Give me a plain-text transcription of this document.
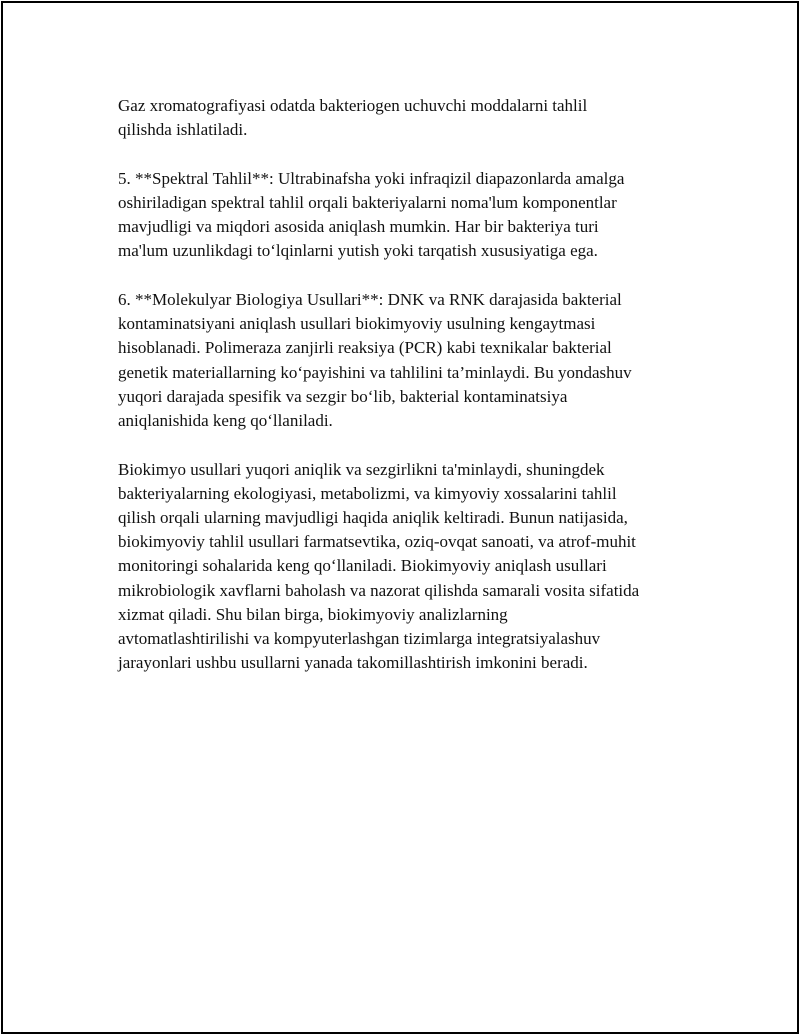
Gaz xromatografiyasi odatda bakteriogen uchuvchi moddalarni tahlil
qilishda ishlatiladi.

5. **Spektral Tahlil**: Ultrabinafsha yoki infraqizil diapazonlarda amalga
oshiriladigan spektral tahlil orqali bakteriyalarni noma'lum komponentlar
mavjudligi va miqdori asosida aniqlash mumkin. Har bir bakteriya turi
ma'lum uzunlikdagi to‘lqinlarni yutish yoki tarqatish xususiyatiga ega.

6. **Molekulyar Biologiya Usullari**: DNK va RNK darajasida bakterial
kontaminatsiyani aniqlash usullari biokimyoviy usulning kengaytmasi
hisoblanadi. Polimeraza zanjirli reaksiya (PCR) kabi texnikalar bakterial
genetik materiallarning ko‘payishini va tahlilini ta’minlaydi. Bu yondashuv
yuqori darajada spesifik va sezgir bo‘lib, bakterial kontaminatsiya
aniqlanishida keng qo‘llaniladi.

Biokimyo usullari yuqori aniqlik va sezgirlikni ta'minlaydi, shuningdek
bakteriyalarning ekologiyasi, metabolizmi, va kimyoviy xossalarini tahlil
qilish orqali ularning mavjudligi haqida aniqlik keltiradi. Bunun natijasida,
biokimyoviy tahlil usullari farmatsevtika, oziq-ovqat sanoati, va atrof-muhit
monitoringi sohalarida keng qo‘llaniladi. Biokimyoviy aniqlash usullari
mikrobiologik xavflarni baholash va nazorat qilishda samarali vosita sifatida
xizmat qiladi. Shu bilan birga, biokimyoviy analizlarning
avtomatlashtirilishi va kompyuterlashgan tizimlarga integratsiyalashuv
jarayonlari ushbu usullarni yanada takomillashtirish imkonini beradi.
